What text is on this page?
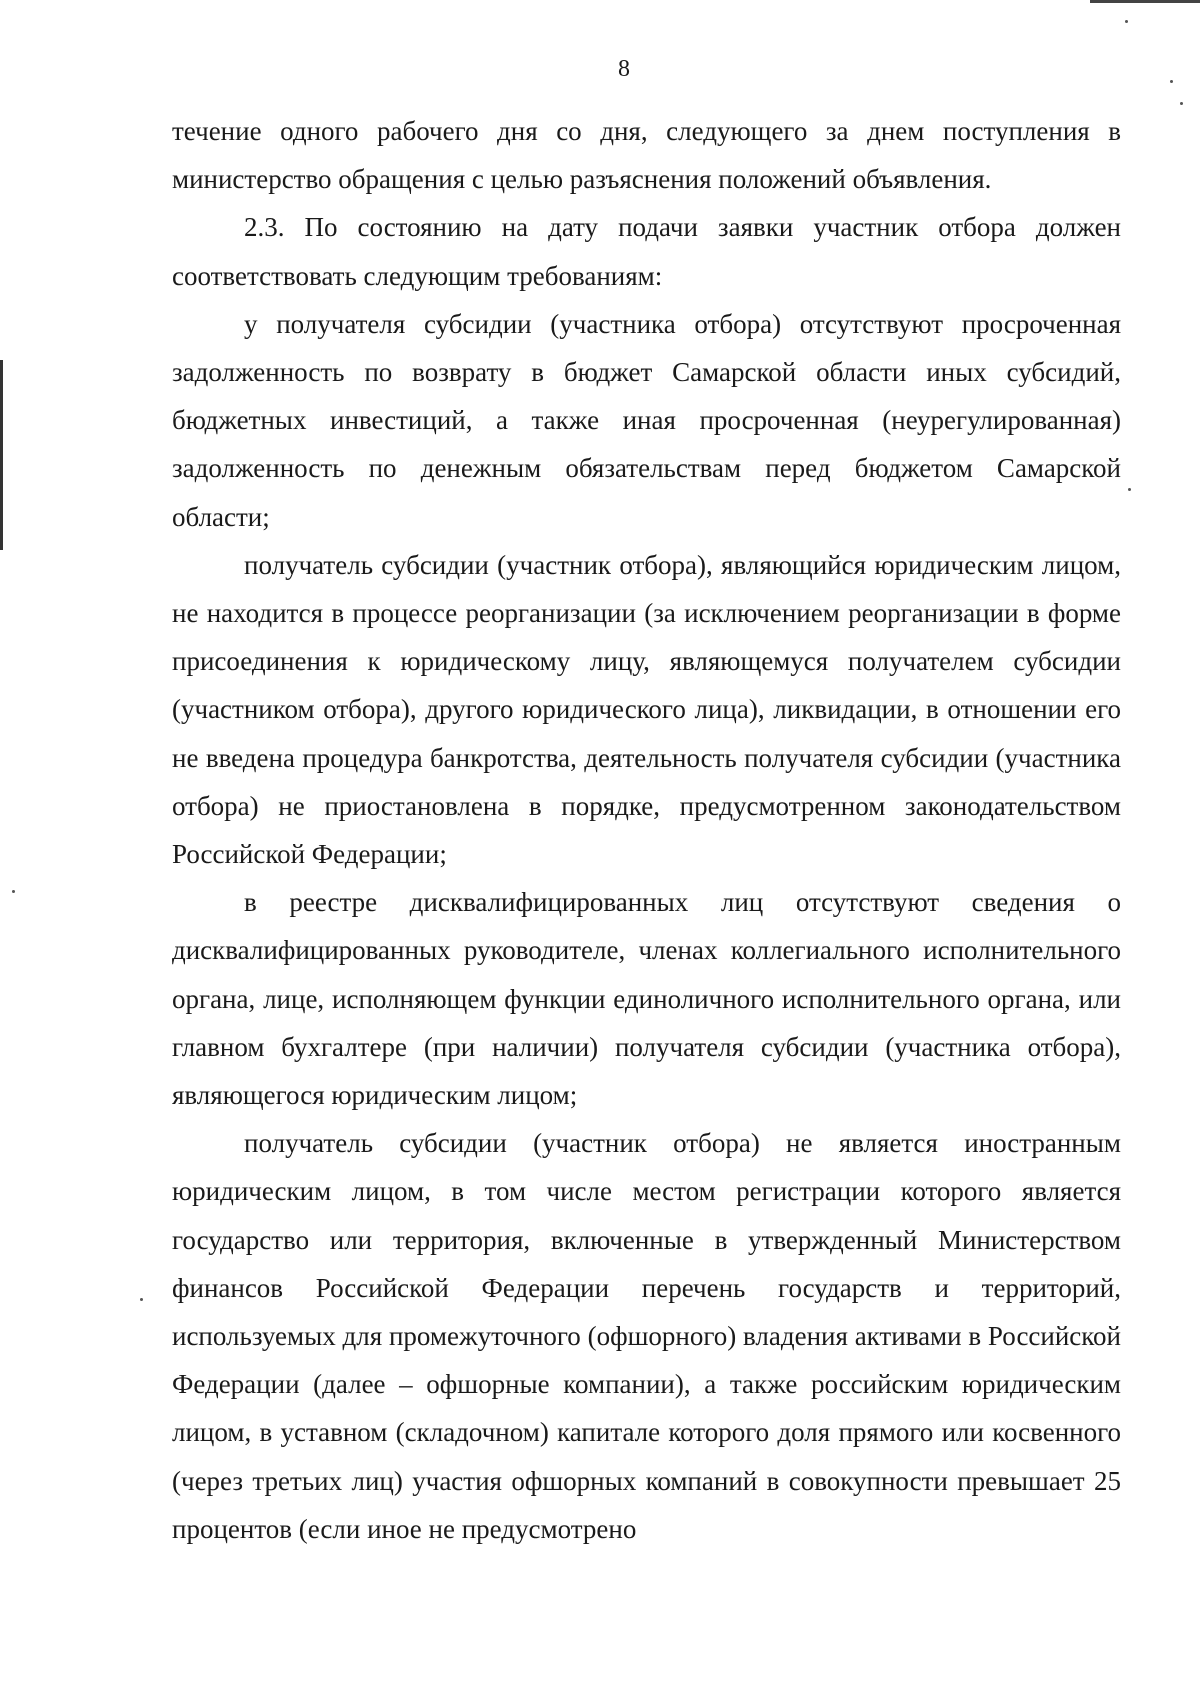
8

течение одного рабочего дня со дня, следующего за днем поступления в министерство обращения с целью разъяснения положений объявления.

2.3. По состоянию на дату подачи заявки участник отбора должен соответствовать следующим требованиям:

у получателя субсидии (участника отбора) отсутствуют просроченная задолженность по возврату в бюджет Самарской области иных субсидий, бюджетных инвестиций, а также иная просроченная (неурегулированная) задолженность по денежным обязательствам перед бюджетом Самарской области;

получатель субсидии (участник отбора), являющийся юридическим лицом, не находится в процессе реорганизации (за исключением реорганизации в форме присоединения к юридическому лицу, являющемуся получателем субсидии (участником отбора), другого юридического лица), ликвидации, в отношении его не введена процедура банкротства, деятельность получателя субсидии (участника отбора) не приостановлена в порядке, предусмотренном законодательством Российской Федерации;

в реестре дисквалифицированных лиц отсутствуют сведения о дисквалифицированных руководителе, членах коллегиального исполнительного органа, лице, исполняющем функции единоличного исполнительного органа, или главном бухгалтере (при наличии) получателя субсидии (участника отбора), являющегося юридическим лицом;

получатель субсидии (участник отбора) не является иностранным юридическим лицом, в том числе местом регистрации которого является государство или территория, включенные в утвержденный Министерством финансов Российской Федерации перечень государств и территорий, используемых для промежуточного (офшорного) владения активами в Российской Федерации (далее – офшорные компании), а также российским юридическим лицом, в уставном (складочном) капитале которого доля прямого или косвенного (через третьих лиц) участия офшорных компаний в совокупности превышает 25 процентов (если иное не предусмотрено
